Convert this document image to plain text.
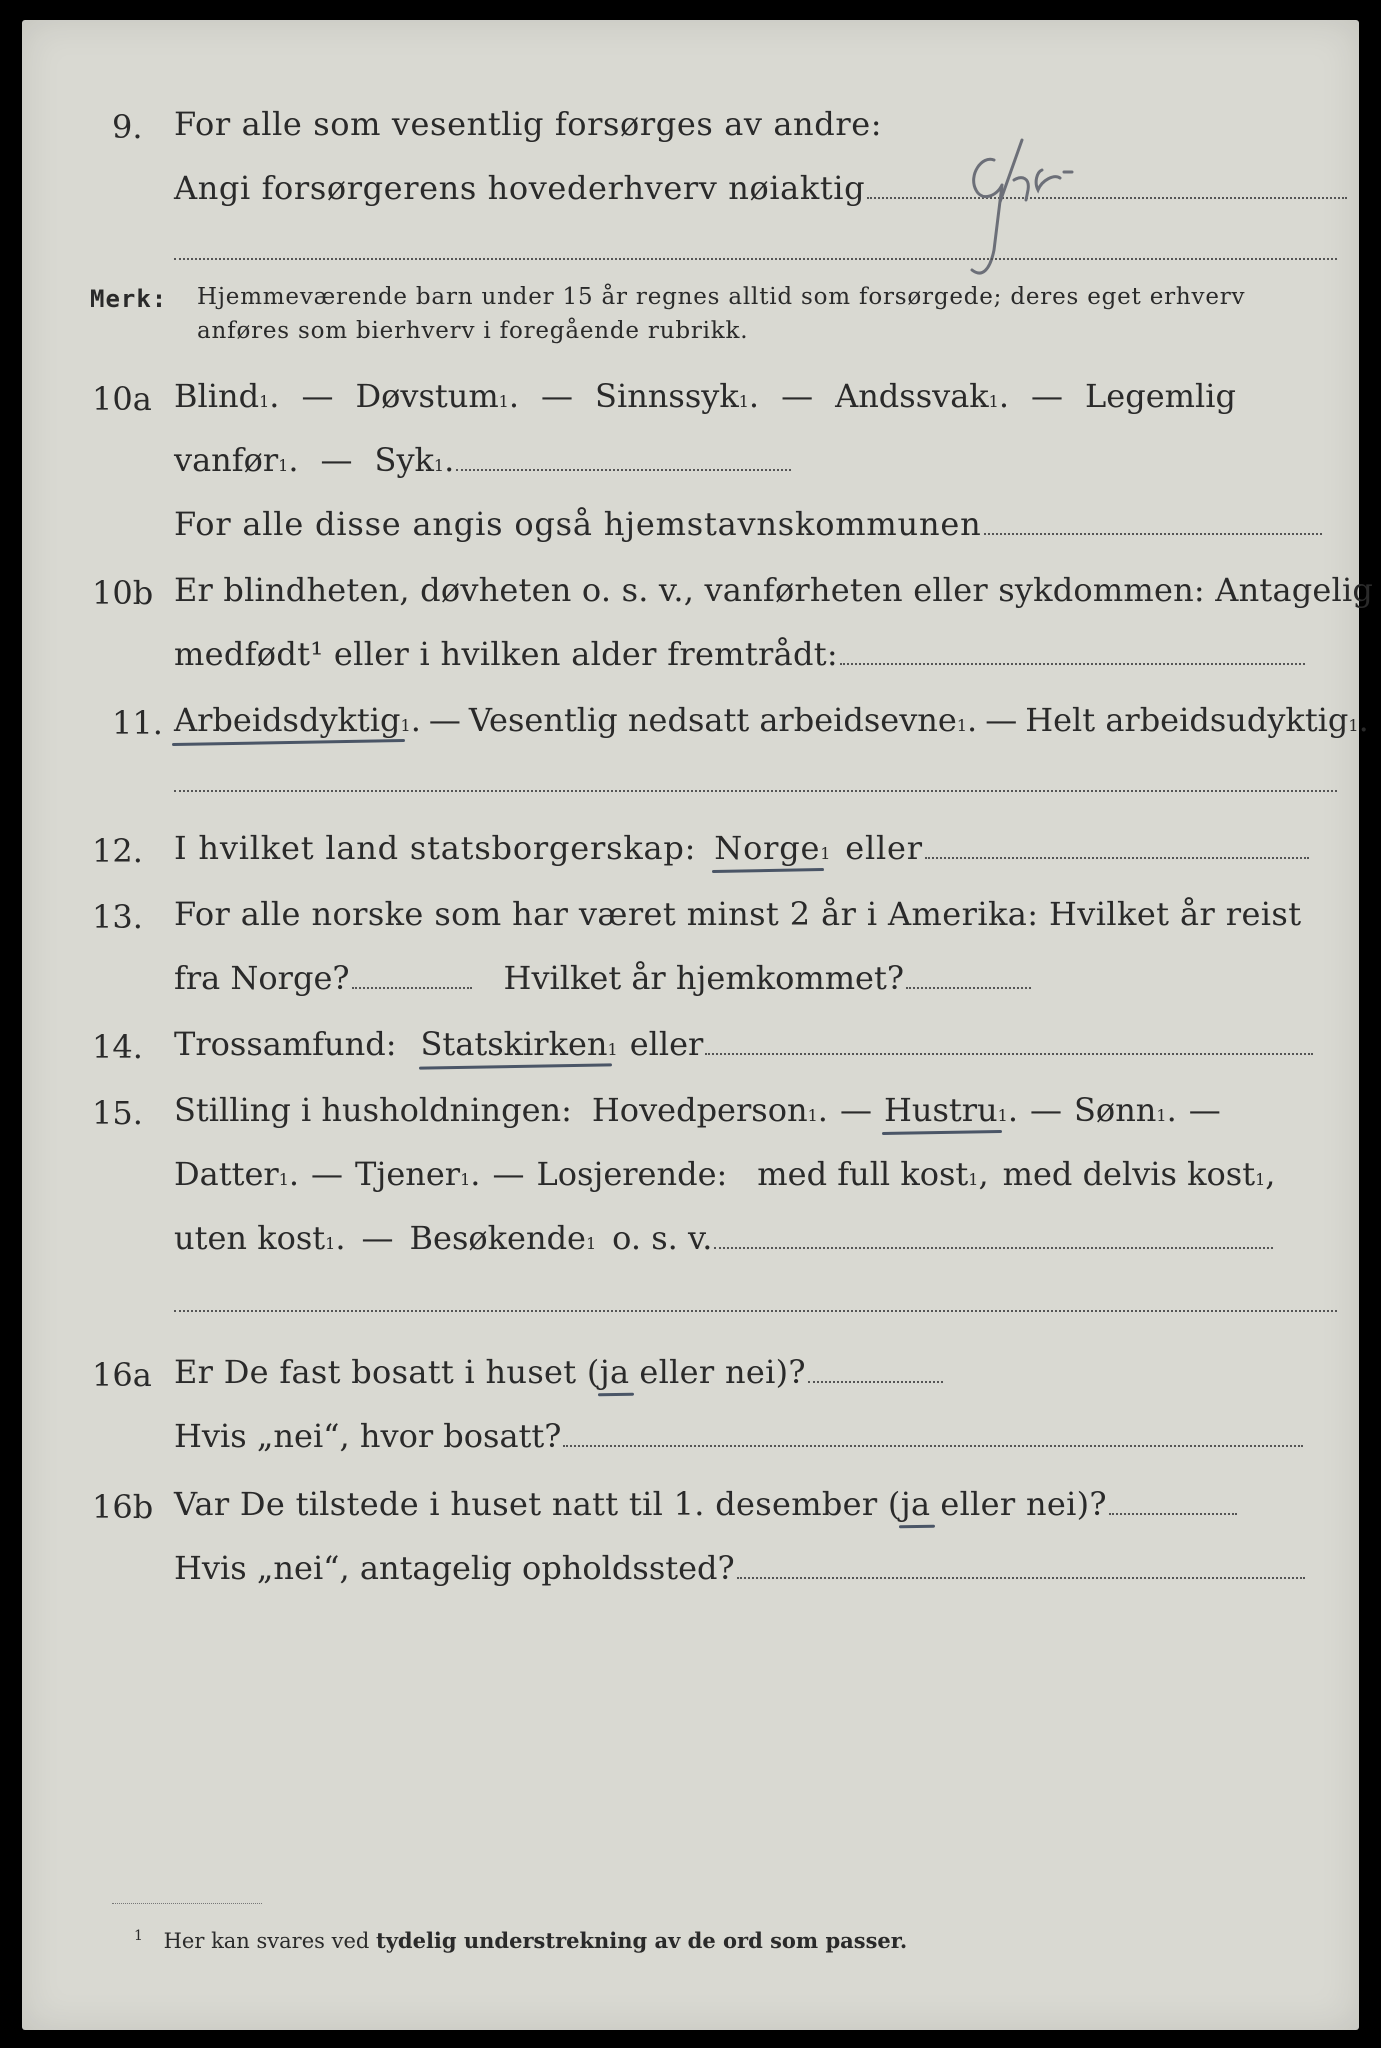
9. For alle som vesentlig forsørges av andre:
Angi forsørgerens hovederhverv nøiaktig
Merk: Hjemmeværende barn under 15 år regnes alltid som forsørgede; deres eget erhverv
anføres som bierhverv i foregående rubrikk.
10a Blind 1 . — Døvstum 1 . — Sinnssyk 1 . — Andssvak 1 . — Legemlig
vanfør 1 . — Syk 1 .
For alle disse angis også hjemstavnskommunen
10b Er blindheten, døvheten o. s. v., vanførheten eller sykdommen: Antagelig
medfødt¹ eller i hvilken alder fremtrådt:
11. Arbeidsdyktig 1 . — Vesentlig nedsatt arbeidsevne 1 . — Helt arbeidsudyktig 1 .
12. I hvilket land statsborgerskap: Norge 1 eller
13. For alle norske som har været minst 2 år i Amerika: Hvilket år reist
fra Norge?	Hvilket år hjemkommet?
14. Trossamfund: Statskirken 1 eller
15. Stilling i husholdningen: Hovedperson 1 . — Hustru 1 . — Sønn 1 . —
Datter 1 . — Tjener 1 . — Losjerende: med full kost 1 , med delvis kost 1 ,
uten kost 1 . — Besøkende 1 o. s. v.
16a Er De fast bosatt i huset ( ja eller nei)?
Hvis „nei“, hvor bosatt?
16b Var De tilstede i huset natt til 1. desember ( ja eller nei)?
Hvis „nei“, antagelig opholdssted?
$^1$ Her kan svares ved tydelig understrekning av de ord som passer.
